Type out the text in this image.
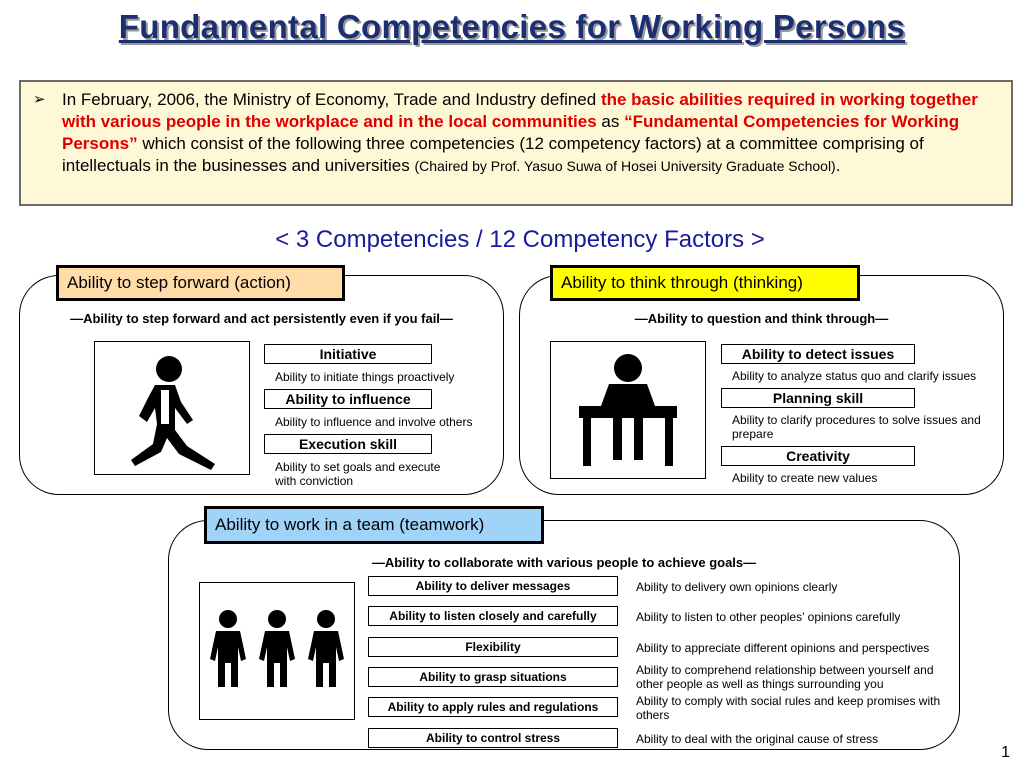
Fundamental Competencies for Working Persons
➢ In February, 2006, the Ministry of Economy, Trade and Industry defined the basic abilities required in working together with various people in the workplace and in the local communities as “Fundamental Competencies for Working Persons” which consist of the following three competencies (12 competency factors) at a committee comprising of intellectuals in the businesses and universities (Chaired by Prof. Yasuo Suwa of Hosei University Graduate School).
< 3 Competencies / 12 Competency Factors >
Ability to step forward (action)
―Ability to step forward and act persistently even if you fail―
Initiative
Ability to initiate things proactively
Ability to influence
Ability to influence and involve others
Execution skill
Ability to set goals and execute with conviction
Ability to think through (thinking)
―Ability to question and think through―
Ability to detect issues
Ability to analyze status quo and clarify issues
Planning skill
Ability to clarify procedures to solve issues and prepare
Creativity
Ability to create new values
Ability to work in a team (teamwork)
―Ability to collaborate with various people to achieve goals―
Ability to deliver messages	Ability to delivery own opinions clearly
Ability to listen closely and carefully	Ability to listen to other peoples’ opinions carefully
Flexibility	Ability to appreciate different opinions and perspectives
Ability to grasp situations	Ability to comprehend relationship between yourself and other people as well as things surrounding you
Ability to apply rules and regulations	Ability to comply with social rules and keep promises with others
Ability to control stress	Ability to deal with the original cause of stress
1
